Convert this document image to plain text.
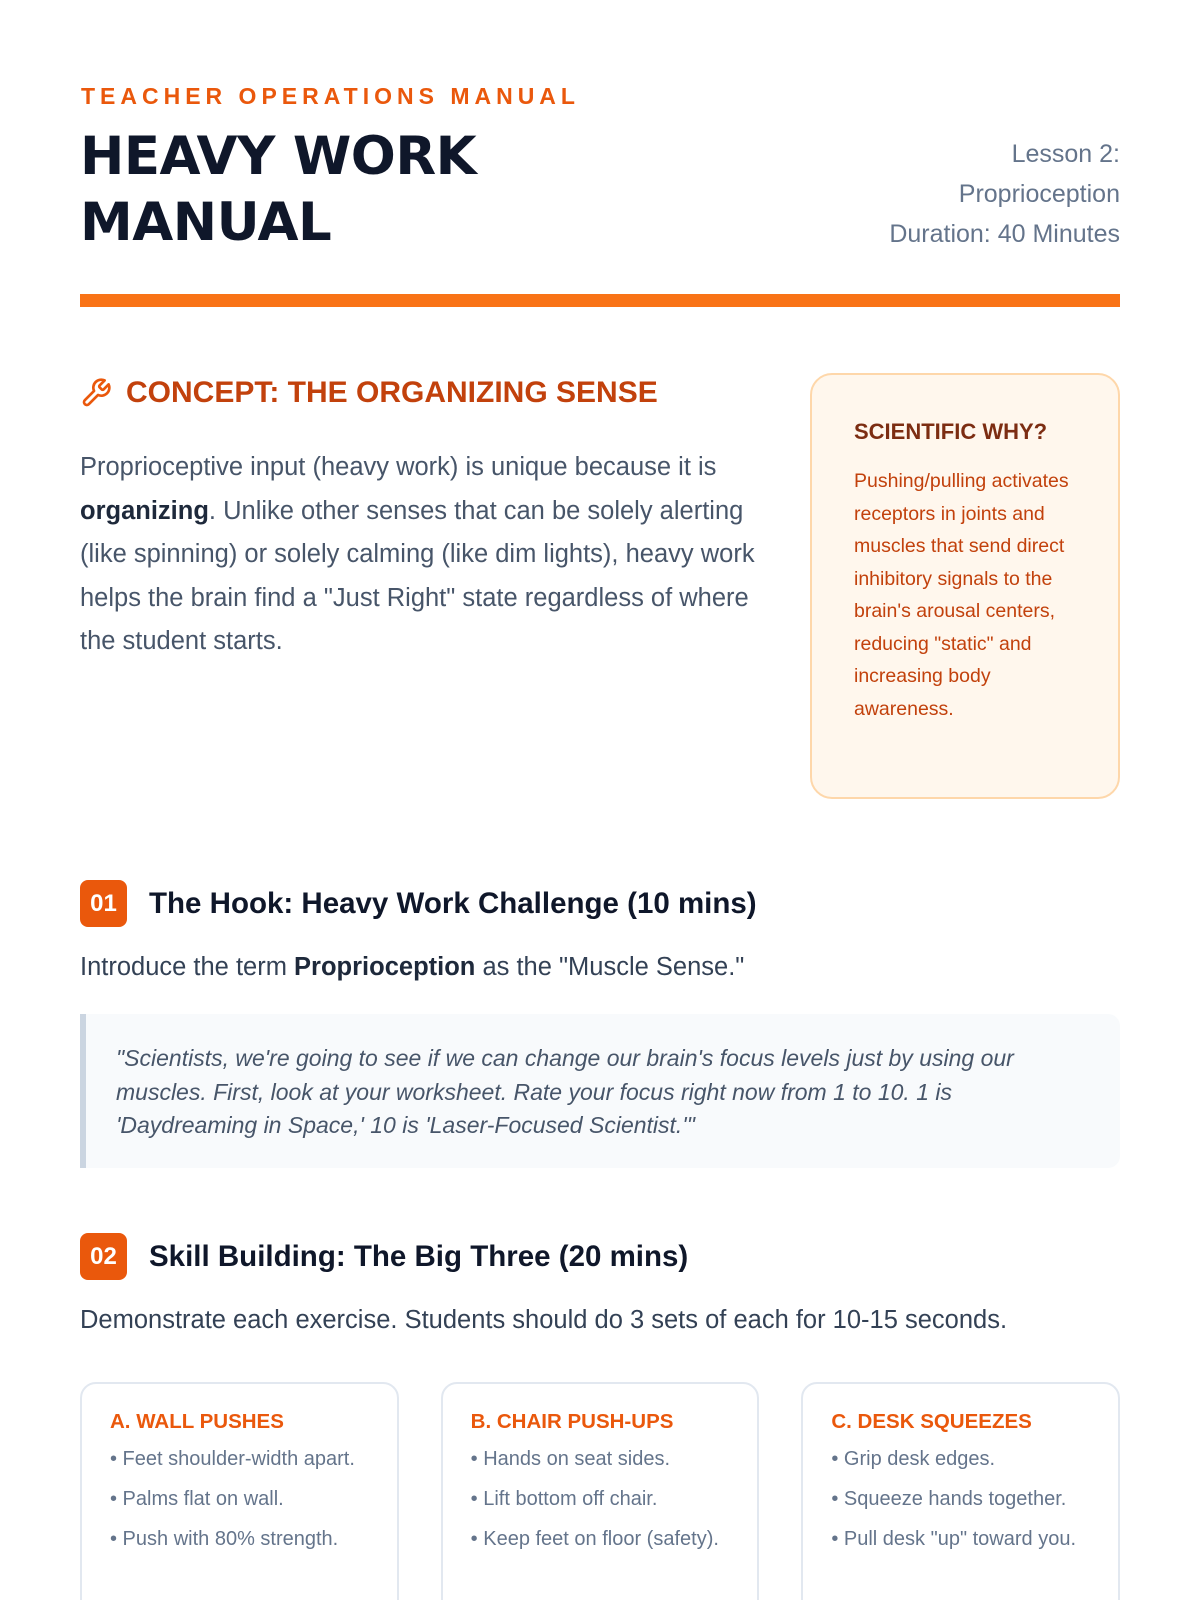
TEACHER OPERATIONS MANUAL
HEAVY WORK
MANUAL
Lesson 2:
Proprioception
Duration: 40 Minutes
CONCEPT: THE ORGANIZING SENSE

Proprioceptive input (heavy work) is unique because it is organizing. Unlike other senses that can be solely alerting (like spinning) or solely calming (like dim lights), heavy work helps the brain find a "Just Right" state regardless of where the student starts.

SCIENTIFIC WHY?
Pushing/pulling activates receptors in joints and muscles that send direct inhibitory signals to the brain's arousal centers, reducing "static" and increasing body awareness.
01	The Hook: Heavy Work Challenge (10 mins)

Introduce the term Proprioception as the "Muscle Sense."

"Scientists, we're going to see if we can change our brain's focus levels just by using our muscles. First, look at your worksheet. Rate your focus right now from 1 to 10. 1 is 'Daydreaming in Space,' 10 is 'Laser-Focused Scientist.'"
02	Skill Building: The Big Three (20 mins)

Demonstrate each exercise. Students should do 3 sets of each for 10-15 seconds.

A. WALL PUSHES
• Feet shoulder-width apart.
• Palms flat on wall.
• Push with 80% strength.
B. CHAIR PUSH-UPS
• Hands on seat sides.
• Lift bottom off chair.
• Keep feet on floor (safety).
C. DESK SQUEEZES
• Grip desk edges.
• Squeeze hands together.
• Pull desk "up" toward you.
